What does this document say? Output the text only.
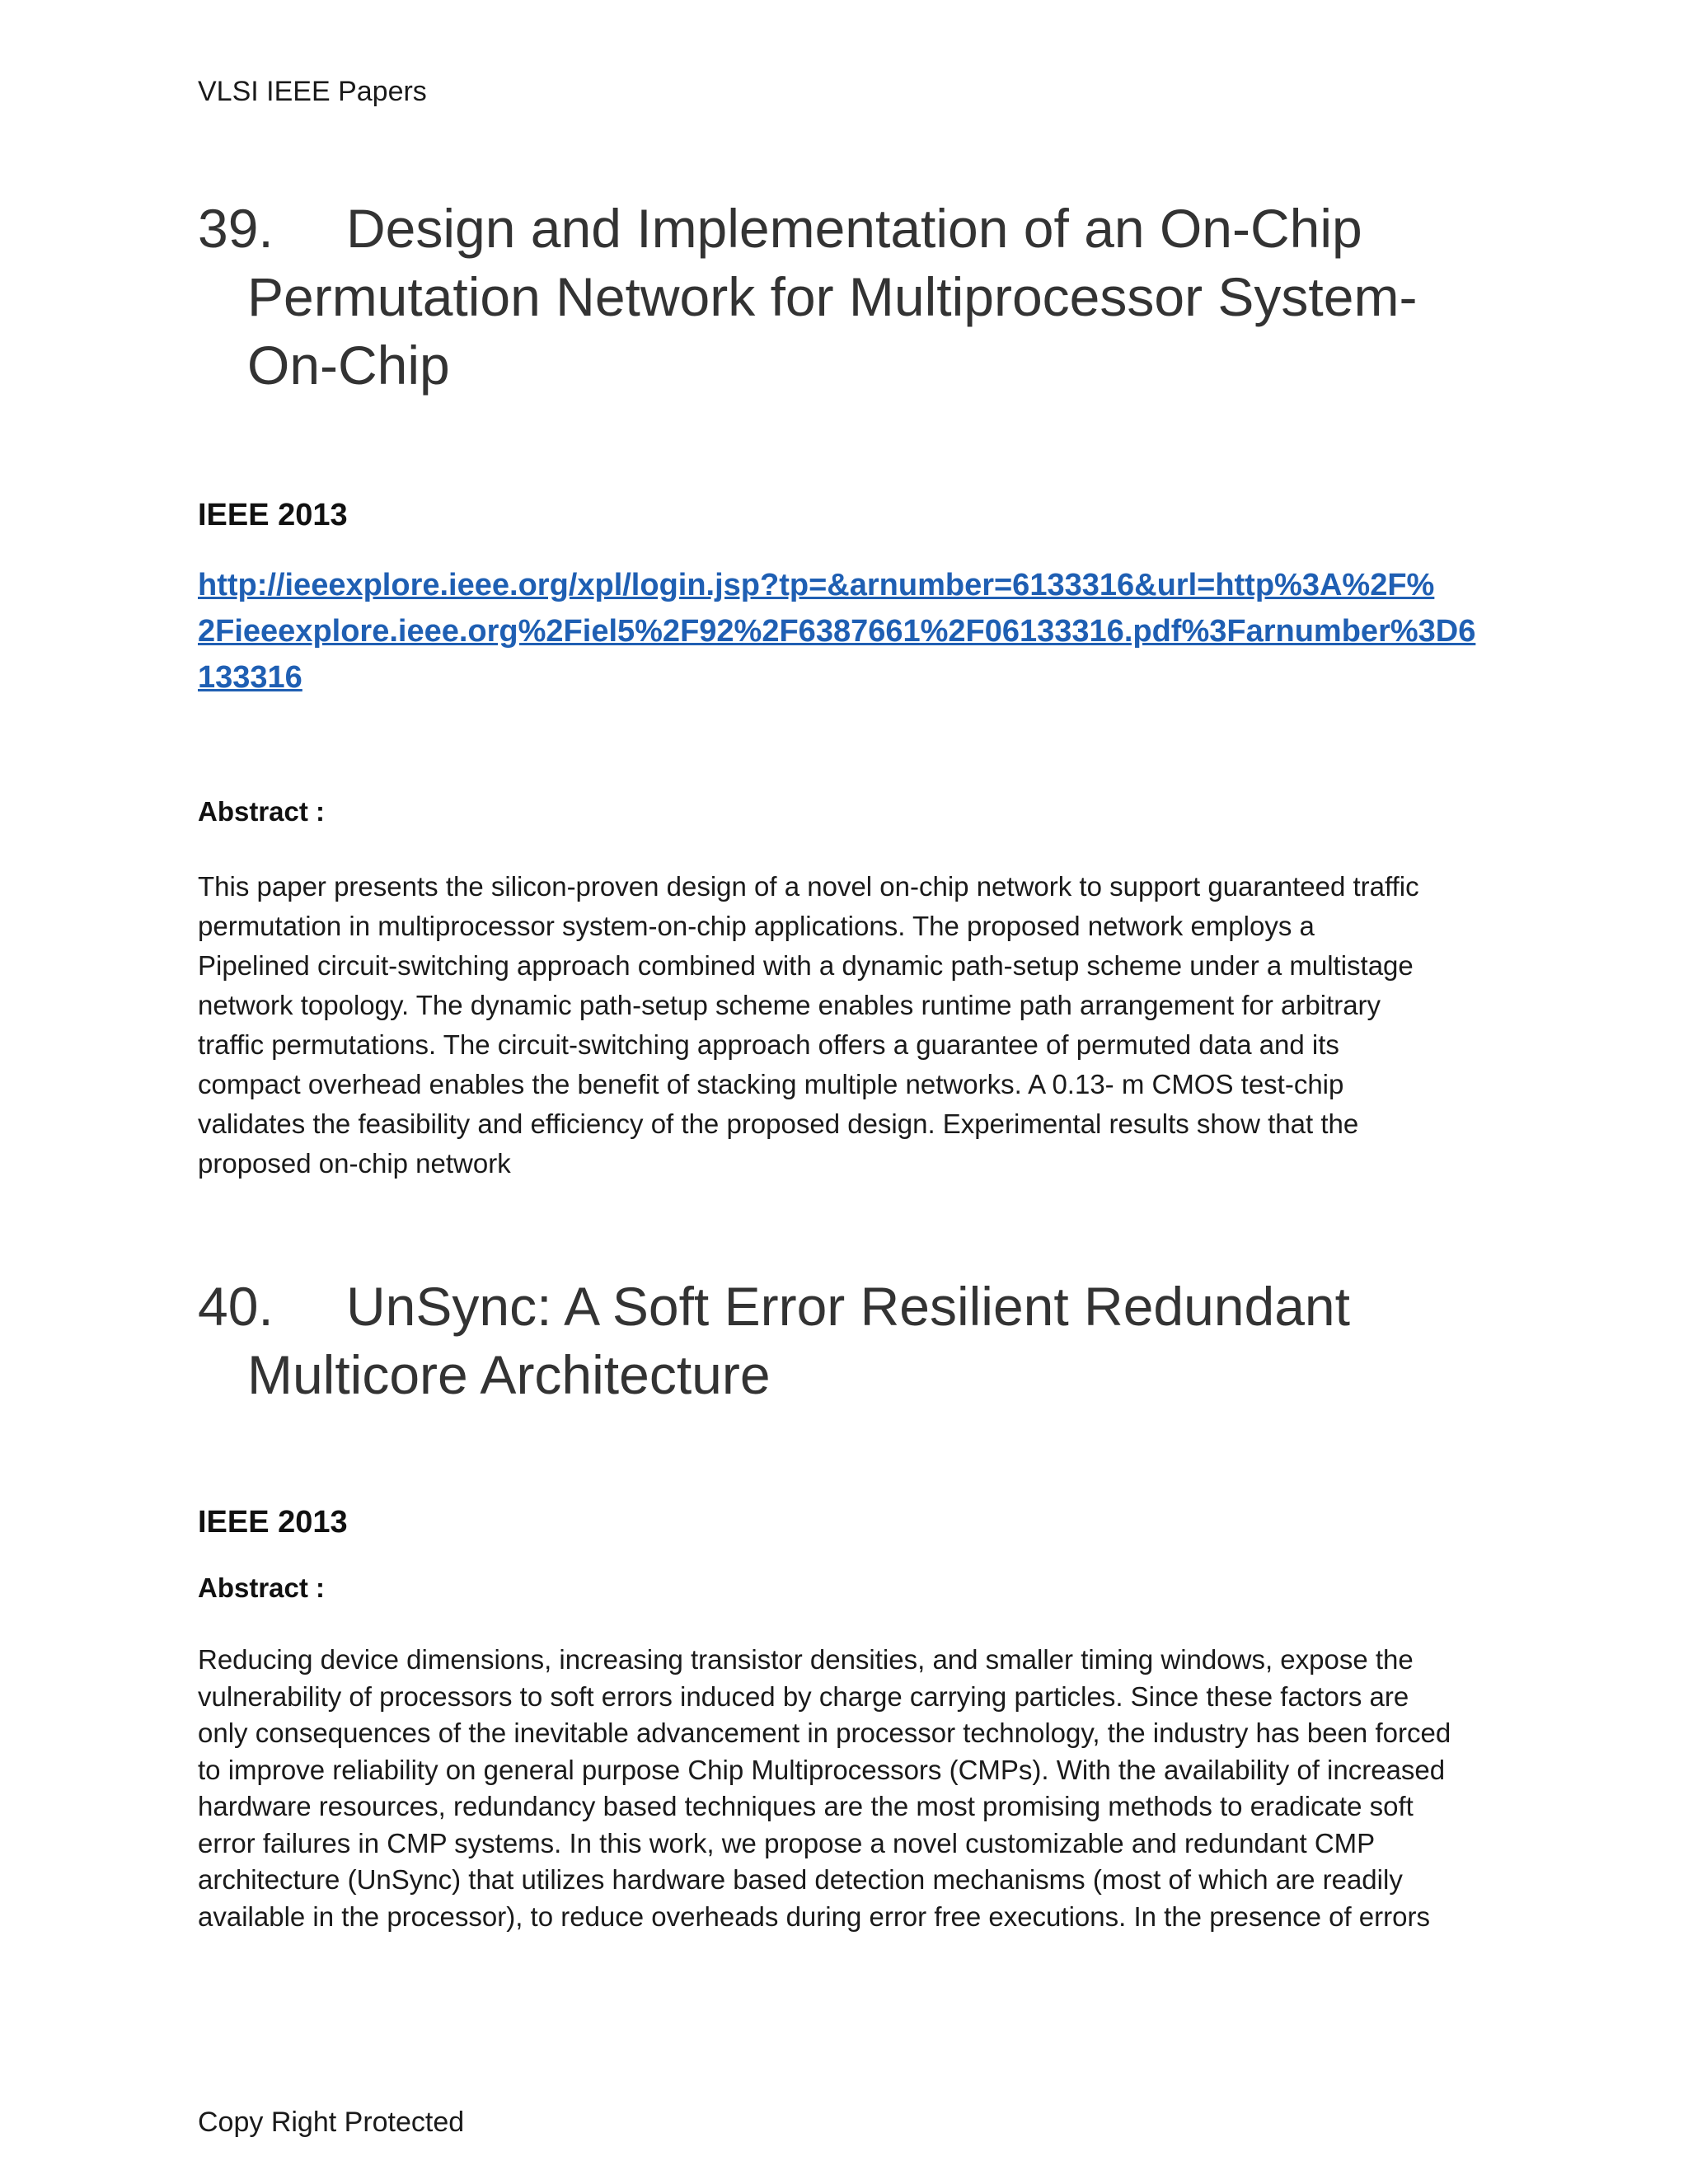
VLSI IEEE Papers
39. Design and Implementation of an On-Chip
Permutation Network for Multiprocessor System-
On-Chip

IEEE 2013

http://ieeexplore.ieee.org/xpl/login.jsp?tp=&arnumber=6133316&url=http%3A%2F%
2Fieeexplore.ieee.org%2Fiel5%2F92%2F6387661%2F06133316.pdf%3Farnumber%3D6
133316

Abstract :

This paper presents the silicon-proven design of a novel on-chip network to support guaranteed traffic
permutation in multiprocessor system-on-chip applications. The proposed network employs a
Pipelined circuit-switching approach combined with a dynamic path-setup scheme under a multistage
network topology. The dynamic path-setup scheme enables runtime path arrangement for arbitrary
traffic permutations. The circuit-switching approach offers a guarantee of permuted data and its
compact overhead enables the benefit of stacking multiple networks. A 0.13- m CMOS test-chip
validates the feasibility and efficiency of the proposed design. Experimental results show that the
proposed on-chip network

40. UnSync: A Soft Error Resilient Redundant
Multicore Architecture

IEEE 2013

Abstract :

Reducing device dimensions, increasing transistor densities, and smaller timing windows, expose the
vulnerability of processors to soft errors induced by charge carrying particles. Since these factors are
only consequences of the inevitable advancement in processor technology, the industry has been forced
to improve reliability on general purpose Chip Multiprocessors (CMPs). With the availability of increased
hardware resources, redundancy based techniques are the most promising methods to eradicate soft
error failures in CMP systems. In this work, we propose a novel customizable and redundant CMP
architecture (UnSync) that utilizes hardware based detection mechanisms (most of which are readily
available in the processor), to reduce overheads during error free executions. In the presence of errors

Copy Right Protected
